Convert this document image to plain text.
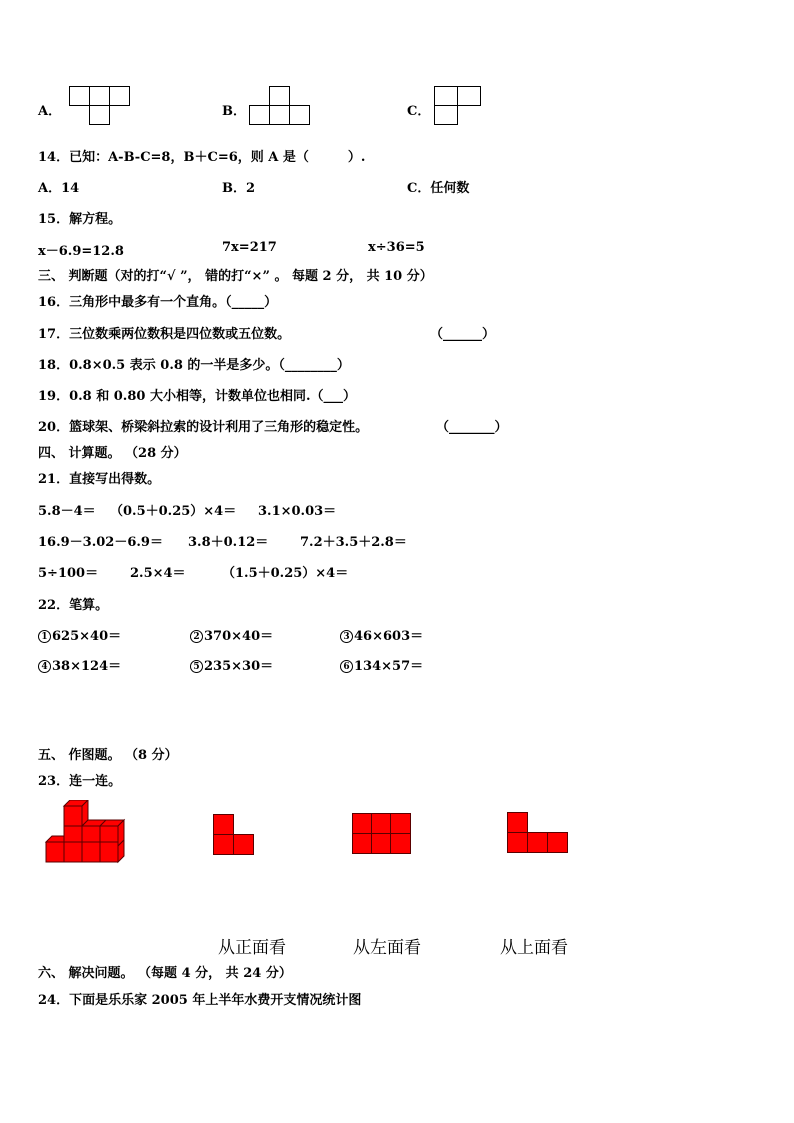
A．	B．	C．
14．已知：A-B-C=8，B＋C=6，则 A 是（　　　）.
A．14	B．2	C．任何数
15．解方程。
x－6.9=12.8	7x=217	x÷36=5
三、 判断题（对的打“√ ”， 错的打“×” 。 每题 2 分， 共 10 分）
16．三角形中最多有一个直角。（_____）
17．三位数乘两位数积是四位数或五位数。	（______）
18．0.8×0.5 表示 0.8 的一半是多少。（________）
19．0.8 和 0.80 大小相等，计数单位也相同.（___）
20．篮球架、桥梁斜拉索的设计利用了三角形的稳定性。	（_______）
四、 计算题。 （28 分）
21．直接写出得数。
5.8－4＝ （0.5＋0.25）×4＝ 3.1×0.03＝
16.9－3.02－6.9＝ 3.8＋0.12＝ 7.2＋3.5＋2.8＝
5÷100＝ 2.5×4＝	（1.5＋0.25）×4＝
22．笔算。
1 625×40＝	2 370×40＝	3 46×603＝
4 38×124＝	5 235×30＝	6 134×57＝
五、 作图题。 （8 分）
23．连一连。
从正面看	从左面看	从上面看
六、 解决问题。 （每题 4 分， 共 24 分）
24．下面是乐乐家 2005 年上半年水费开支情况统计图
